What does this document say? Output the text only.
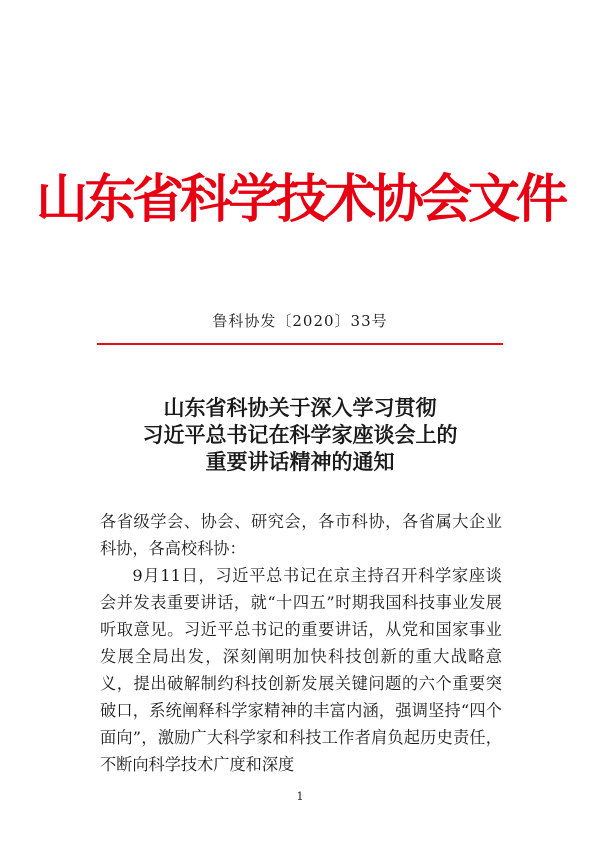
山东省科学技术协会文件
鲁科协发〔2020〕33号
山东省科协关于深入学习贯彻
习近平总书记在科学家座谈会上的
重要讲话精神的通知

各省级学会、协会、研究会，各市科协，各省属大企业科协，各高校科协：

9月11日，习近平总书记在京主持召开科学家座谈会并发表重要讲话，就“十四五”时期我国科技事业发展听取意见。习近平总书记的重要讲话，从党和国家事业发展全局出发，深刻阐明加快科技创新的重大战略意义，提出破解制约科技创新发展关键问题的六个重要突破口，系统阐释科学家精神的丰富内涵，强调坚持“四个面向”，激励广大科学家和科技工作者肩负起历史责任，不断向科学技术广度和深度

1
